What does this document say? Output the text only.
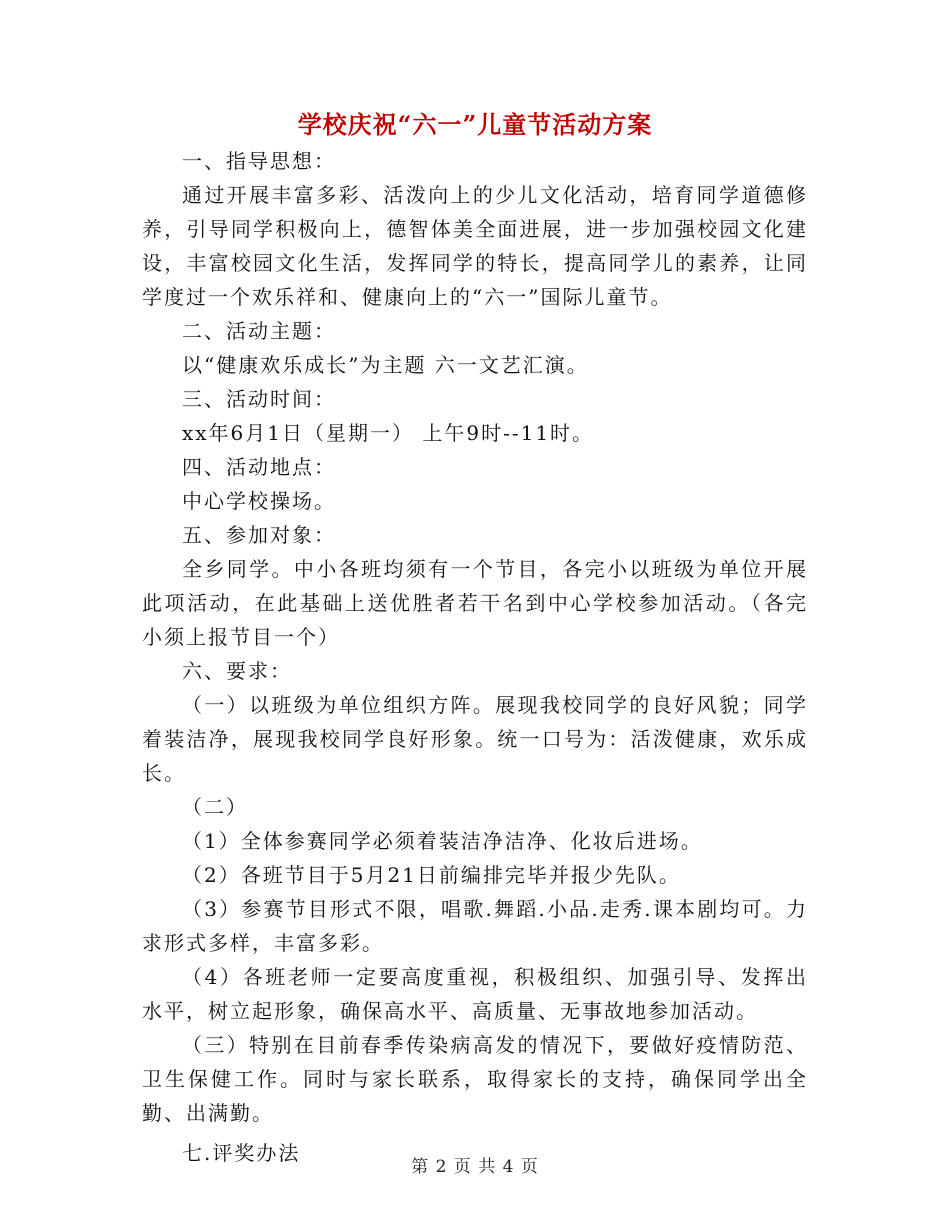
学校庆祝“六一”儿童节活动方案

一、指导思想：

通过开展丰富多彩、活泼向上的少儿文化活动，培育同学道德修养，引导同学积极向上，德智体美全面进展，进一步加强校园文化建设，丰富校园文化生活，发挥同学的特长，提高同学儿的素养，让同学度过一个欢乐祥和、健康向上的“六一”国际儿童节。

二、活动主题：

以“健康欢乐成长”为主题 六一文艺汇演。

三、活动时间：

xx年6月1日（星期一） 上午9时--11时。

四、活动地点：

中心学校操场。

五、参加对象：

全乡同学。中小各班均须有一个节目，各完小以班级为单位开展此项活动，在此基础上送优胜者若干名到中心学校参加活动。（各完小须上报节目一个）

六、要求：

（一）以班级为单位组织方阵。展现我校同学的良好风貌；同学着装洁净，展现我校同学良好形象。统一口号为：活泼健康，欢乐成长。

（二）

（1）全体参赛同学必须着装洁净洁净、化妆后进场。

（2）各班节目于5月21日前编排完毕并报少先队。

（3）参赛节目形式不限，唱歌.舞蹈.小品.走秀.课本剧均可。力求形式多样，丰富多彩。

（4）各班老师一定要高度重视，积极组织、加强引导、发挥出水平，树立起形象，确保高水平、高质量、无事故地参加活动。

（三）特别在目前春季传染病高发的情况下，要做好疫情防范、卫生保健工作。同时与家长联系，取得家长的支持，确保同学出全勤、出满勤。

七.评奖办法

第 2 页 共 4 页
